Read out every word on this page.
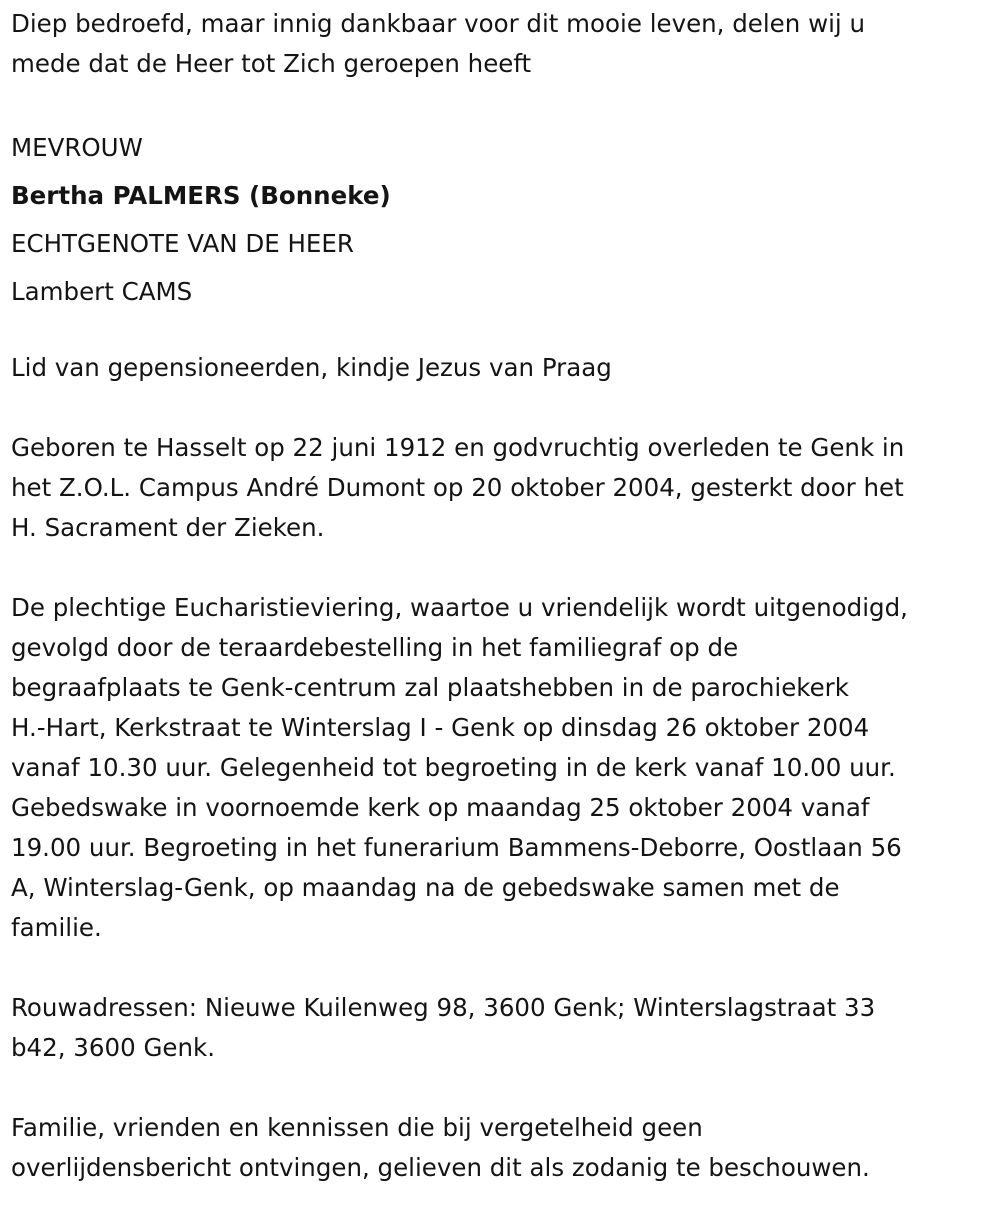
Diep bedroefd, maar innig dankbaar voor dit mooie leven, delen wij u
mede dat de Heer tot Zich geroepen heeft

MEVROUW

Bertha PALMERS (Bonneke)

ECHTGENOTE VAN DE HEER

Lambert CAMS

Lid van gepensioneerden, kindje Jezus van Praag

Geboren te Hasselt op 22 juni 1912 en godvruchtig overleden te Genk in
het Z.O.L. Campus André Dumont op 20 oktober 2004, gesterkt door het
H. Sacrament der Zieken.

De plechtige Eucharistieviering, waartoe u vriendelijk wordt uitgenodigd,
gevolgd door de teraardebestelling in het familiegraf op de
begraafplaats te Genk-centrum zal plaatshebben in de parochiekerk
H.-Hart, Kerkstraat te Winterslag I - Genk op dinsdag 26 oktober 2004
vanaf 10.30 uur. Gelegenheid tot begroeting in de kerk vanaf 10.00 uur.
Gebedswake in voornoemde kerk op maandag 25 oktober 2004 vanaf
19.00 uur. Begroeting in het funerarium Bammens-Deborre, Oostlaan 56
A, Winterslag-Genk, op maandag na de gebedswake samen met de
familie.

Rouwadressen: Nieuwe Kuilenweg 98, 3600 Genk; Winterslagstraat 33
b42, 3600 Genk.

Familie, vrienden en kennissen die bij vergetelheid geen
overlijdensbericht ontvingen, gelieven dit als zodanig te beschouwen.
